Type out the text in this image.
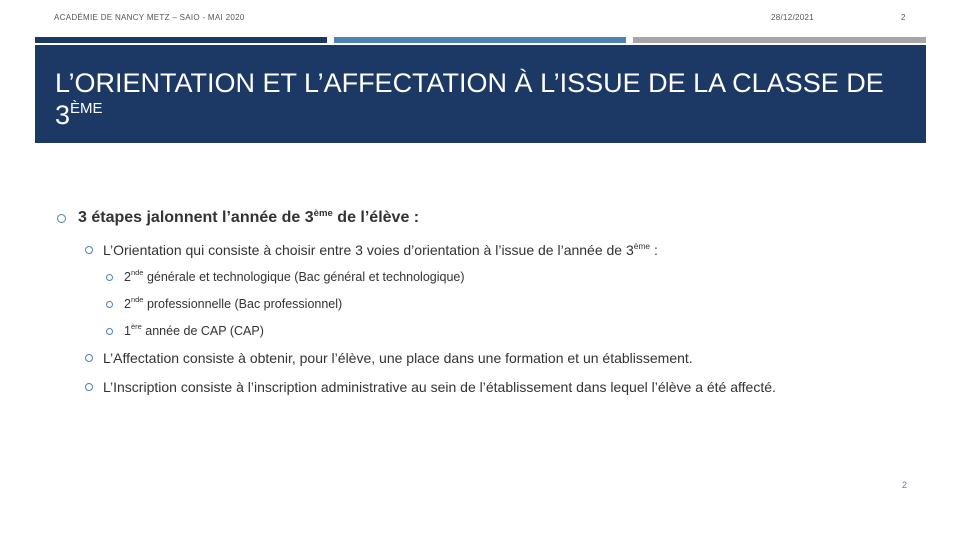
ACADÉMIE DE NANCY METZ – SAIO - MAI 2020	28/12/2021	2
L’ORIENTATION ET L’AFFECTATION À L’ISSUE DE LA CLASSE DE 3ÈME
3 étapes jalonnent l’année de 3ème de l’élève :
L’Orientation qui consiste à choisir entre 3 voies d’orientation à l’issue de l’année de 3ème :
2nde générale et technologique (Bac général et technologique)
2nde professionnelle (Bac professionnel)
1ère année de CAP (CAP)
L’Affectation consiste à obtenir, pour l’élève, une place dans une formation et un établissement.
L’Inscription consiste à l’inscription administrative au sein de l’établissement dans lequel l’élève a été affecté.
2
